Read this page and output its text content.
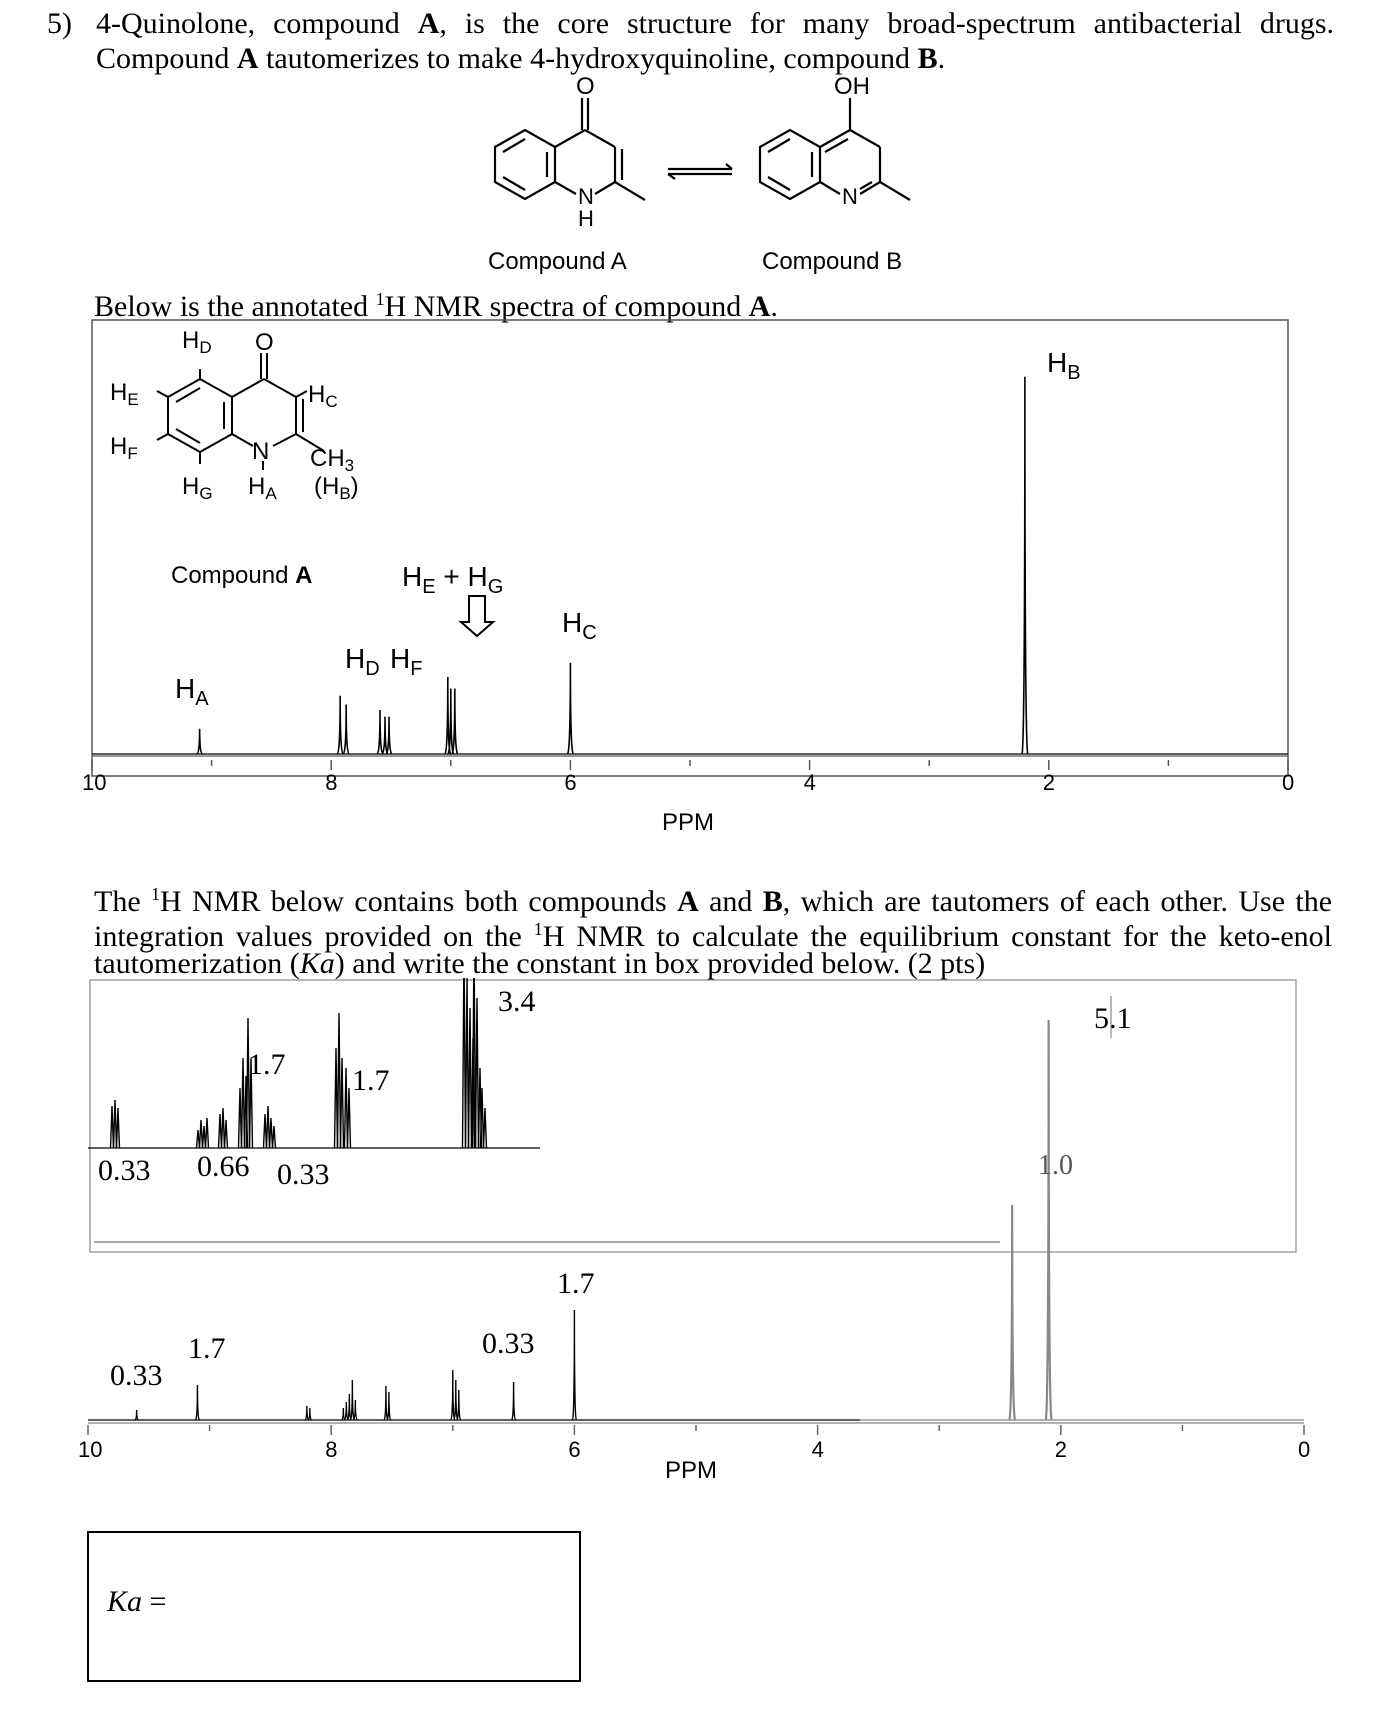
5) 4-Quinolone, compound A, is the core structure for many broad-spectrum antibacterial drugs.
Compound A tautomerizes to make 4-hydroxyquinoline, compound B.
O
N
H
OH
N
Compound A	Compound B
Below is the annotated $^1$H NMR spectra of compound A.
10	8	6	4	2	0
PPM
O
$H_D$
$H_E$	$H_C$
$H_F$	N $CH_3$
$H_G$ $H_A$ $(H_B)$
Compound A
$H_A$
$H_D$ $H_F$
$H_E + H_G$
$H_C$
$H_B$
The $^1$H NMR below contains both compounds A and B, which are tautomers of each other. Use the
integration values provided on the $^1$H NMR to calculate the equilibrium constant for the keto-enol
tautomerization (Ka) and write the constant in box provided below. (2 pts)
10	8	6	4	2	0
PPM
3.4
5.1
1.7 1.7
0.33 0.66 0.33	1.0
1.7
1.7	0.33
0.33
Ka =
